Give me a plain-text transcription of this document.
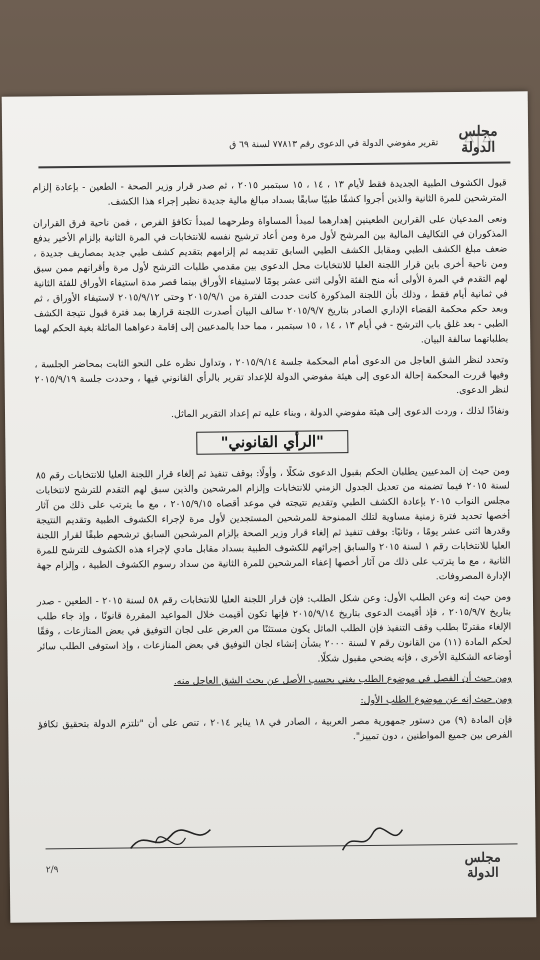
مجلس الدولة
تقرير مفوضي الدولة في الدعوى رقم ٧٧٨١٣ لسنة ٦٩ ق

قبول الكشوف الطبية الجديدة فقط لأيام ١٣ ، ١٤ ، ١٥ سبتمبر ٢٠١٥ ، ثم صدر قرار وزير الصحة - الطعين - بإعادة إلزام المترشحين للمرة الثانية والذين أجروا كشفًا طبيًا سابقًا بسداد مبالغ مالية جديدة نظير إجراء هذا الكشف.

ونعى المدعيان على القرارين الطعينين إهدارهما لمبدأ المساواة وطرحهما لمبدأ تكافؤ الفرص ، فمن ناحية فرق القراران المذكوران في التكاليف المالية بين المرشح لأول مرة ومن أعاد ترشيح نفسه للانتخابات في المرة الثانية بإلزام الأخير بدفع ضعف مبلغ الكشف الطبي ومقابل الكشف الطبي السابق تقديمه ثم إلزامهم بتقديم كشف طبي جديد بمصاريف جديدة ، ومن ناحية أخرى باين قرار اللجنة العليا للانتخابات محل الدعوى بين مقدمي طلبات الترشح لأول مرة وأقرانهم ممن سبق لهم التقدم في المرة الأولى أنه منح الفئة الأولى اثنى عشر يومًا لاستيفاء الأوراق بينما قصر مدة استيفاء الأوراق للفئة الثانية في ثمانية أيام فقط ، وذلك بأن اللجنة المذكورة كانت حددت الفترة من ٢٠١٥/٩/١ وحتى ٢٠١٥/٩/١٢ لاستيفاء الأوراق ، ثم وبعد حكم محكمة القضاء الإداري الصادر بتاريخ ٢٠١٥/٩/٧ سالف البيان أصدرت اللجنة قرارها بمد فترة قبول نتيجة الكشف الطبي - بعد غلق باب الترشح - في أيام ١٣ ، ١٤ ، ١٥ سبتمبر ، مما حدا بالمدعيين إلى إقامة دعواهما الماثلة بغية الحكم لهما بطلباتهما سالفة البيان.

وتحدد لنظر الشق العاجل من الدعوى أمام المحكمة جلسة ٢٠١٥/٩/١٤ ، وتداول نظره على النحو الثابت بمحاضر الجلسة ، وفيها قررت المحكمة إحالة الدعوى إلى هيئة مفوضي الدولة للإعداد تقرير بالرأي القانوني فيها ، وحددت جلسة ٢٠١٥/٩/١٩ لنظر الدعوى.

ونفاذًا لذلك ، وردت الدعوى إلى هيئة مفوضي الدولة ، وبناء عليه تم إعداد التقرير الماثل.

"الرأي القانوني"

ومن حيث إن المدعيين يطلبان الحكم بقبول الدعوى شكلًا ، وأولًا: بوقف تنفيذ ثم إلغاء قرار اللجنة العليا للانتخابات رقم ٨٥ لسنة ٢٠١٥ فيما تضمنه من تعديل الجدول الزمني للانتخابات وإلزام المرشحين والذين سبق لهم التقدم للترشح لانتخابات مجلس النواب ٢٠١٥ بإعادة الكشف الطبي وتقديم نتيجته في موعد أقصاه ٢٠١٥/٩/١٥ ، مع ما يترتب على ذلك من آثار أخصها تحديد فترة زمنية مساوية لتلك الممنوحة للمرشحين المستجدين لأول مرة لإجراء الكشوف الطبية وتقديم النتيجة وقدرها اثنى عشر يومًا ، وثانيًا: بوقف تنفيذ ثم إلغاء قرار وزير الصحة بإلزام المرشحين السابق ترشحهم طبقًا لقرار اللجنة العليا للانتخابات رقم ١ لسنة ٢٠١٥ والسابق إجرائهم للكشوف الطبية بسداد مقابل مادي لإجراء هذه الكشوف للترشح للمرة الثانية ، مع ما يترتب على ذلك من آثار أخصها إعفاء المرشحين للمرة الثانية من سداد رسوم الكشوف الطبية ، وإلزام جهة الإدارة المصروفات.

ومن حيث إنه وعن الطلب الأول: وعن شكل الطلب: فإن قرار اللجنة العليا للانتخابات رقم ٥٨ لسنة ٢٠١٥ - الطعين - صدر بتاريخ ٢٠١٥/٩/٧ ، فإذ أقيمت الدعوى بتاريخ ٢٠١٥/٩/١٤ فإنها تكون أقيمت خلال المواعيد المقررة قانونًا ، وإذ جاء طلب الإلغاء مقترنًا بطلب وقف التنفيذ فإن الطلب الماثل يكون مستثنًا من العرض على لجان التوفيق في بعض المنازعات ، وفقًا لحكم المادة (١١) من القانون رقم ٧ لسنة ٢٠٠٠ بشأن إنشاء لجان التوفيق في بعض المنازعات ، وإذ استوفى الطلب سائر أوضاعه الشكلية الأخرى ، فإنه يضحي مقبول شكلًا.

ومن حيث أن الفصل في موضوع الطلب يغني بحسب الأصل عن بحث الشق العاجل منه.

ومن حيث إنه عن موضوع الطلب الأول:

فإن المادة (٩) من دستور جمهورية مصر العربية ، الصادر في ١٨ يناير ٢٠١٤ ، تنص على أن "تلتزم الدولة بتحقيق تكافؤ الفرص بين جميع المواطنين ، دون تمييز".

٢/٩
مجلس الدولة
